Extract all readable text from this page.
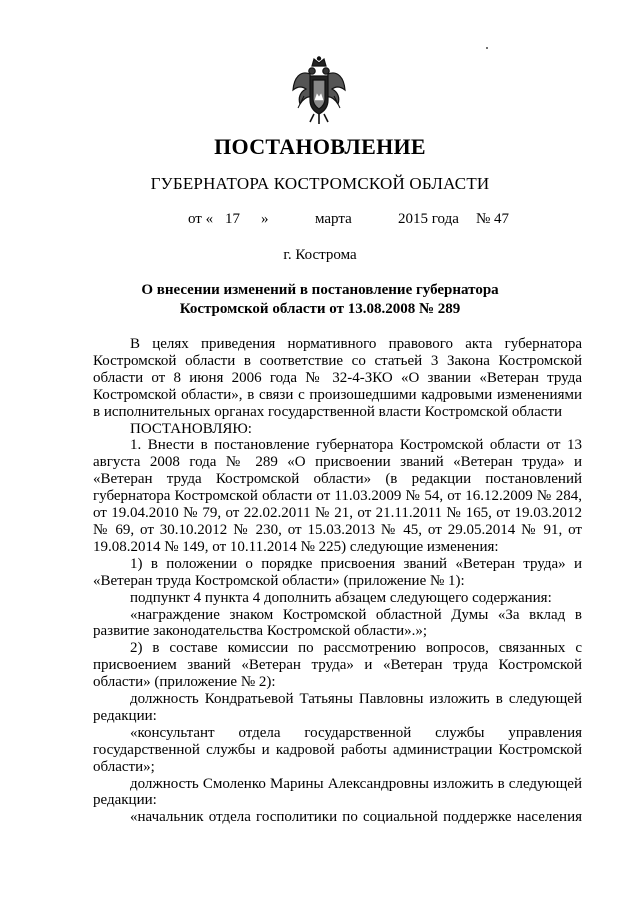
ПОСТАНОВЛЕНИЕ
ГУБЕРНАТОРА КОСТРОМСКОЙ ОБЛАСТИ
от « 17 »	марта	2015 года № 47
г. Кострома
О внесении изменений в постановление губернатора
Костромской области от 13.08.2008 № 289

В целях приведения нормативного правового акта губернатора Костромской области в соответствие со статьей 3 Закона Костромской области от 8 июня 2006 года № 32-4-ЗКО «О звании «Ветеран труда Костромской области», в связи с произошедшими кадровыми изменениями в исполнительных органах государственной власти Костромской области

ПОСТАНОВЛЯЮ:

1. Внести в постановление губернатора Костромской области от 13 августа 2008 года № 289 «О присвоении званий «Ветеран труда» и «Ветеран труда Костромской области» (в редакции постановлений губернатора Костромской области от 11.03.2009 № 54, от 16.12.2009 № 284, от 19.04.2010 № 79, от 22.02.2011 № 21, от 21.11.2011 № 165, от 19.03.2012 № 69, от 30.10.2012 № 230, от 15.03.2013 № 45, от 29.05.2014 № 91, от 19.08.2014 № 149, от 10.11.2014 № 225) следующие изменения:

1) в положении о порядке присвоения званий «Ветеран труда» и «Ветеран труда Костромской области» (приложение № 1):

подпункт 4 пункта 4 дополнить абзацем следующего содержания:

«награждение знаком Костромской областной Думы «За вклад в развитие законодательства Костромской области».»;

2) в составе комиссии по рассмотрению вопросов, связанных с присвоением званий «Ветеран труда» и «Ветеран труда Костромской области» (приложение № 2):

должность Кондратьевой Татьяны Павловны изложить в следующей редакции:

«консультант отдела государственной службы управления государственной службы и кадровой работы администрации Костромской области»;

должность Смоленко Марины Александровны изложить в следующей редакции:

«начальник отдела госполитики по социальной поддержке населения
